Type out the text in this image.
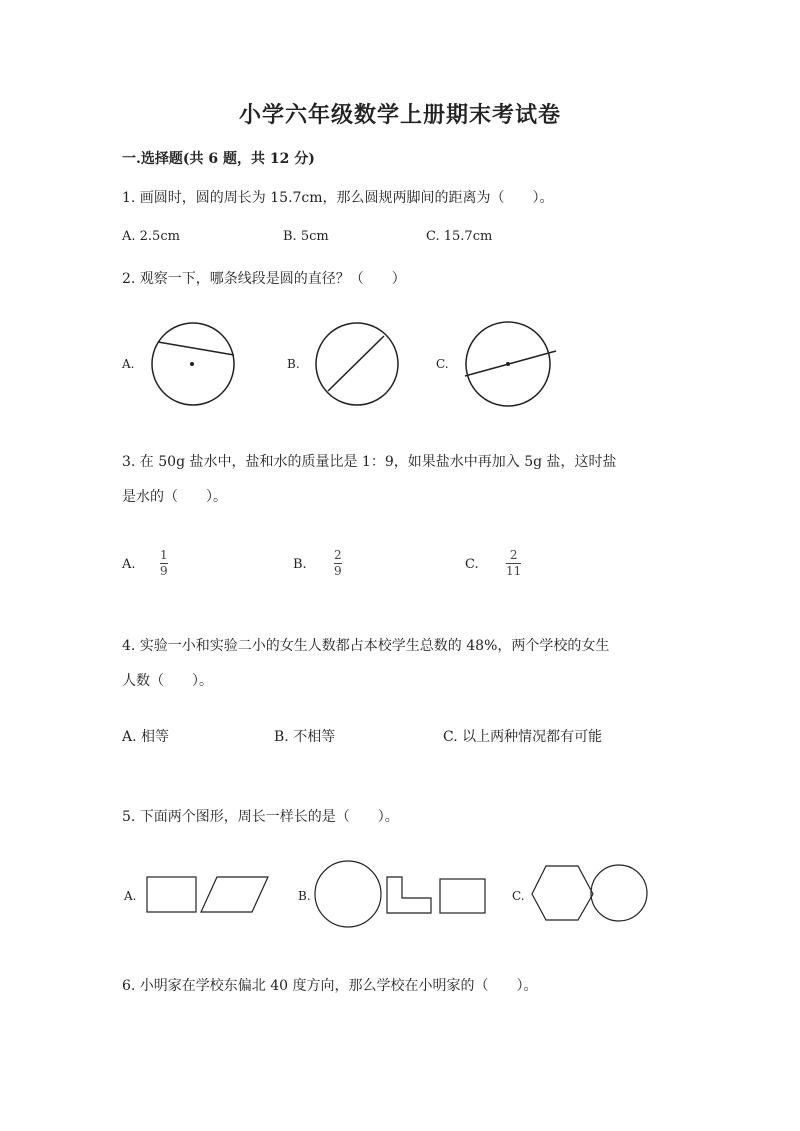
小学六年级数学上册期末考试卷
一.选择题(共 6 题，共 12 分)
1. 画圆时，圆的周长为 15.7cm，那么圆规两脚间的距离为（　　）。
A. 2.5cm	B. 5cm	C. 15.7cm
2. 观察一下，哪条线段是圆的直径？（　　）
A.	B.	C.
3. 在 50g 盐水中，盐和水的质量比是 1：9，如果盐水中再加入 5g 盐，这时盐
是水的（　　）。
A.
1
9	B.
2
9	C.
2
11
4. 实验一小和实验二小的女生人数都占本校学生总数的 48%，两个学校的女生
人数（　　）。
A. 相等	B. 不相等	C. 以上两种情况都有可能
5. 下面两个图形，周长一样长的是（　　）。
A.	B.	C.
6. 小明家在学校东偏北 40 度方向，那么学校在小明家的（　　）。
